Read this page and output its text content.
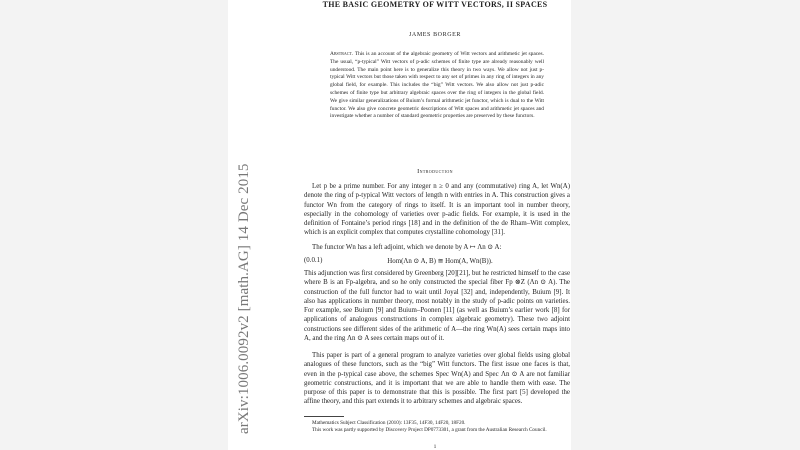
arXiv:1006.0092v2 [math.AG] 14 Dec 2015
THE BASIC GEOMETRY OF WITT VECTORS, II SPACES
JAMES BORGER
Abstract. This is an account of the algebraic geometry of Witt vectors and arithmetic jet spaces. The usual, “p-typical” Witt vectors of p-adic schemes of finite type are already reasonably well understood. The main point here is to generalize this theory in two ways. We allow not just p-typical Witt vectors but those taken with respect to any set of primes in any ring of integers in any global field, for example. This includes the “big” Witt vectors. We also allow not just p-adic schemes of finite type but arbitrary algebraic spaces over the ring of integers in the global field. We give similar generalizations of Buium’s formal arithmetic jet functor, which is dual to the Witt functor. We also give concrete geometric descriptions of Witt spaces and arithmetic jet spaces and investigate whether a number of standard geometric properties are preserved by these functors.
Introduction
Let p be a prime number. For any integer n ≥ 0 and any (commutative) ring A, let Wn(A) denote the ring of p-typical Witt vectors of length n with entries in A. This construction gives a functor Wn from the category of rings to itself. It is an important tool in number theory, especially in the cohomology of varieties over p-adic fields. For example, it is used in the definition of Fontaine’s period rings [18] and in the definition of the de Rham–Witt complex, which is an explicit complex that computes crystalline cohomology [31].
The functor Wn has a left adjoint, which we denote by A ↦ Λn ⊙ A:
(0.0.1)	Hom(Λn ⊙ A, B) ≅ Hom(A, Wn(B)).
This adjunction was first considered by Greenberg [20][21], but he restricted himself to the case where B is an Fp-algebra, and so he only constructed the special fiber Fp ⊗Z (Λn ⊙ A). The construction of the full functor had to wait until Joyal [32] and, independently, Buium [9]. It also has applications in number theory, most notably in the study of p-adic points on varieties. For example, see Buium [9] and Buium–Poonen [11] (as well as Buium’s earlier work [8] for applications of analogous constructions in complex algebraic geometry). These two adjoint constructions see different sides of the arithmetic of A—the ring Wn(A) sees certain maps into A, and the ring Λn ⊙ A sees certain maps out of it.
This paper is part of a general program to analyze varieties over global fields using global analogues of these functors, such as the “big” Witt functors. The first issue one faces is that, even in the p-typical case above, the schemes Spec Wn(A) and Spec Λn ⊙ A are not familiar geometric constructions, and it is important that we are able to handle them with ease. The purpose of this paper is to demonstrate that this is possible. The first part [5] developed the affine theory, and this part extends it to arbitrary schemes and algebraic spaces.
Mathematics Subject Classification (2010): 13F35, 14F30, 14F20, 18F20.
This work was partly supported by Discovery Project DP0773301, a grant from the Australian Research Council.
1
